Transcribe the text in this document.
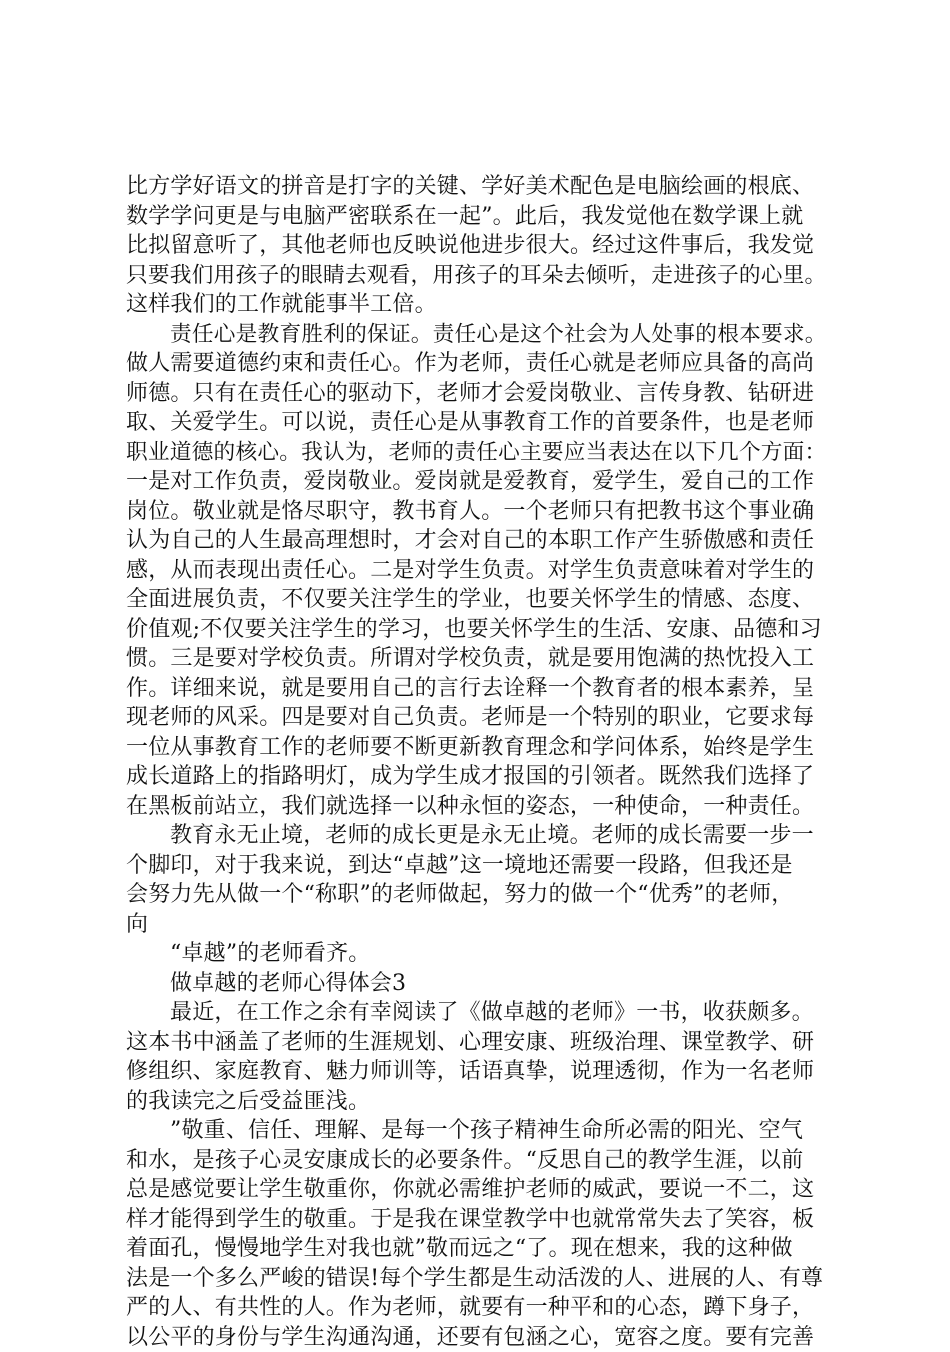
比方学好语文的拼音是打字的关键、学好美术配色是电脑绘画的根底、
数学学问更是与电脑严密联系在一起”。此后，我发觉他在数学课上就
比拟留意听了，其他老师也反映说他进步很大。经过这件事后，我发觉
只要我们用孩子的眼睛去观看，用孩子的耳朵去倾听，走进孩子的心里。
这样我们的工作就能事半工倍。
责任心是教育胜利的保证。责任心是这个社会为人处事的根本要求。
做人需要道德约束和责任心。作为老师，责任心就是老师应具备的高尚
师德。只有在责任心的驱动下，老师才会爱岗敬业、言传身教、钻研进
取、关爱学生。可以说，责任心是从事教育工作的首要条件，也是老师
职业道德的核心。我认为，老师的责任心主要应当表达在以下几个方面：
一是对工作负责，爱岗敬业。爱岗就是爱教育，爱学生，爱自己的工作
岗位。敬业就是恪尽职守，教书育人。一个老师只有把教书这个事业确
认为自己的人生最高理想时，才会对自己的本职工作产生骄傲感和责任
感，从而表现出责任心。二是对学生负责。对学生负责意味着对学生的
全面进展负责，不仅要关注学生的学业，也要关怀学生的情感、态度、
价值观;不仅要关注学生的学习，也要关怀学生的生活、安康、品德和习
惯。三是要对学校负责。所谓对学校负责，就是要用饱满的热忱投入工
作。详细来说，就是要用自己的言行去诠释一个教育者的根本素养，呈
现老师的风采。四是要对自己负责。老师是一个特别的职业，它要求每
一位从事教育工作的老师要不断更新教育理念和学问体系，始终是学生
成长道路上的指路明灯，成为学生成才报国的引领者。既然我们选择了
在黑板前站立，我们就选择一以种永恒的姿态，一种使命，一种责任。
教育永无止境，老师的成长更是永无止境。老师的成长需要一步一
个脚印，对于我来说，到达“卓越”这一境地还需要一段路，但我还是
会努力先从做一个“称职”的老师做起，努力的做一个“优秀”的老师，
向
“卓越”的老师看齐。
做卓越的老师心得体会3
最近，在工作之余有幸阅读了《做卓越的老师》一书，收获颇多。
这本书中涵盖了老师的生涯规划、心理安康、班级治理、课堂教学、研
修组织、家庭教育、魅力师训等，话语真挚，说理透彻，作为一名老师
的我读完之后受益匪浅。
”敬重、信任、理解、是每一个孩子精神生命所必需的阳光、空气
和水，是孩子心灵安康成长的必要条件。“反思自己的教学生涯，以前
总是感觉要让学生敬重你，你就必需维护老师的威武，要说一不二，这
样才能得到学生的敬重。于是我在课堂教学中也就常常失去了笑容，板
着面孔，慢慢地学生对我也就”敬而远之“了。现在想来，我的这种做
法是一个多么严峻的错误!每个学生都是生动活泼的人、进展的人、有尊
严的人、有共性的人。作为老师，就要有一种平和的心态，蹲下身子，
以公平的身份与学生沟通沟通，还要有包涵之心，宽容之度。要有完善
